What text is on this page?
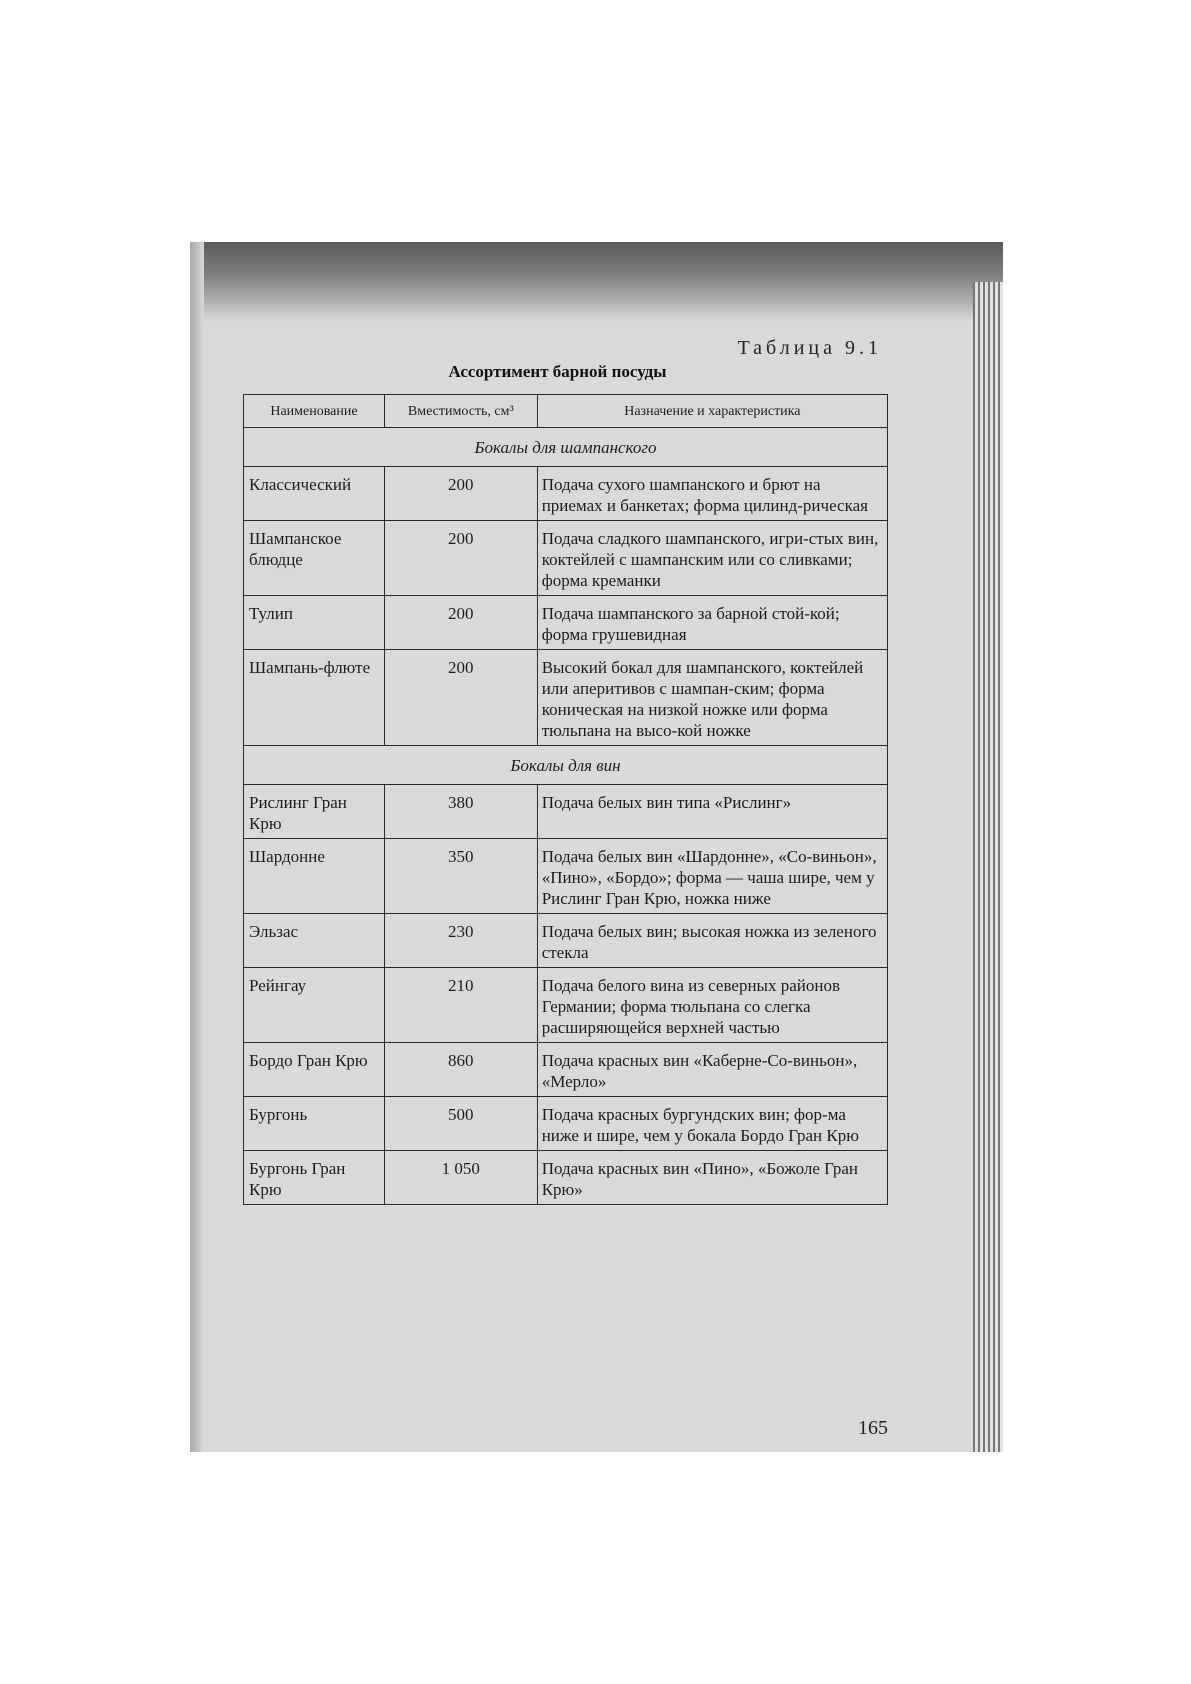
Таблица 9.1
Ассортимент барной посуды
Наименование	Вместимость, см³	Назначение и характеристика
Бокалы для шампанского		
Классический	200	Подача сухого шампанского и брют на приемах и банкетах; форма цилинд-рическая
Шампанское блюдце	200	Подача сладкого шампанского, игри-стых вин, коктейлей с шампанским или со сливками; форма креманки
Тулип	200	Подача шампанского за барной стой-кой; форма грушевидная
Шампань-флюте	200	Высокий бокал для шампанского, коктейлей или аперитивов с шампан-ским; форма коническая на низкой ножке или форма тюльпана на высо-кой ножке
Бокалы для вин		
Рислинг Гран Крю	380	Подача белых вин типа «Рислинг»
Шардонне	350	Подача белых вин «Шардонне», «Со-виньон», «Пино», «Бордо»; форма — чаша шире, чем у Рислинг Гран Крю, ножка ниже
Эльзас	230	Подача белых вин; высокая ножка из зеленого стекла
Рейнгау	210	Подача белого вина из северных районов Германии; форма тюльпана со слегка расширяющейся верхней частью
Бордо Гран Крю	860	Подача красных вин «Каберне-Со-виньон», «Мерло»
Бургонь	500	Подача красных бургундских вин; фор-ма ниже и шире, чем у бокала Бордо Гран Крю
Бургонь Гран Крю	1 050	Подача красных вин «Пино», «Божоле Гран Крю»
165
